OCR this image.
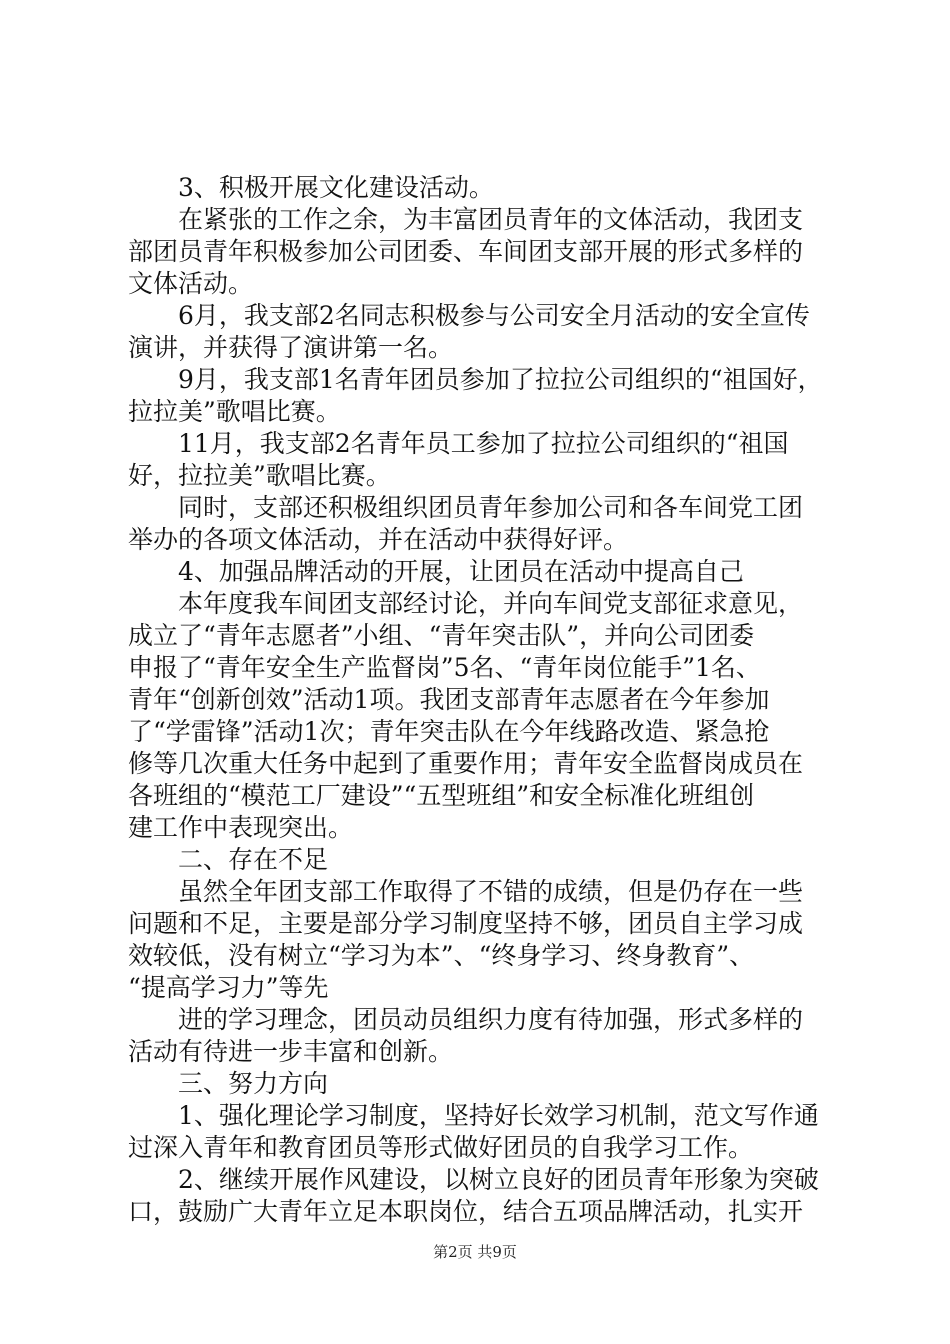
3、积极开展文化建设活动。
在紧张的工作之余，为丰富团员青年的文体活动，我团支
部团员青年积极参加公司团委、车间团支部开展的形式多样的
文体活动。
6月，我支部2名同志积极参与公司安全月活动的安全宣传
演讲，并获得了演讲第一名。
9月，我支部1名青年团员参加了拉拉公司组织的“祖国好，
拉拉美”歌唱比赛。
11月，我支部2名青年员工参加了拉拉公司组织的“祖国
好，拉拉美”歌唱比赛。
同时，支部还积极组织团员青年参加公司和各车间党工团
举办的各项文体活动，并在活动中获得好评。
4、加强品牌活动的开展，让团员在活动中提高自己
本年度我车间团支部经讨论，并向车间党支部征求意见，
成立了“青年志愿者”小组、“青年突击队”，并向公司团委
申报了“青年安全生产监督岗”5名、“青年岗位能手”1名、
青年“创新创效”活动1项。我团支部青年志愿者在今年参加
了“学雷锋”活动1次；青年突击队在今年线路改造、紧急抢
修等几次重大任务中起到了重要作用；青年安全监督岗成员在
各班组的“模范工厂建设”“五型班组”和安全标准化班组创
建工作中表现突出。
二、存在不足
虽然全年团支部工作取得了不错的成绩，但是仍存在一些
问题和不足，主要是部分学习制度坚持不够，团员自主学习成
效较低，没有树立“学习为本”、“终身学习、终身教育”、
“提高学习力”等先
进的学习理念，团员动员组织力度有待加强，形式多样的
活动有待进一步丰富和创新。
三、努力方向
1、强化理论学习制度，坚持好长效学习机制，范文写作通
过深入青年和教育团员等形式做好团员的自我学习工作。
2、继续开展作风建设，以树立良好的团员青年形象为突破
口，鼓励广大青年立足本职岗位，结合五项品牌活动，扎实开
第2页 共9页
